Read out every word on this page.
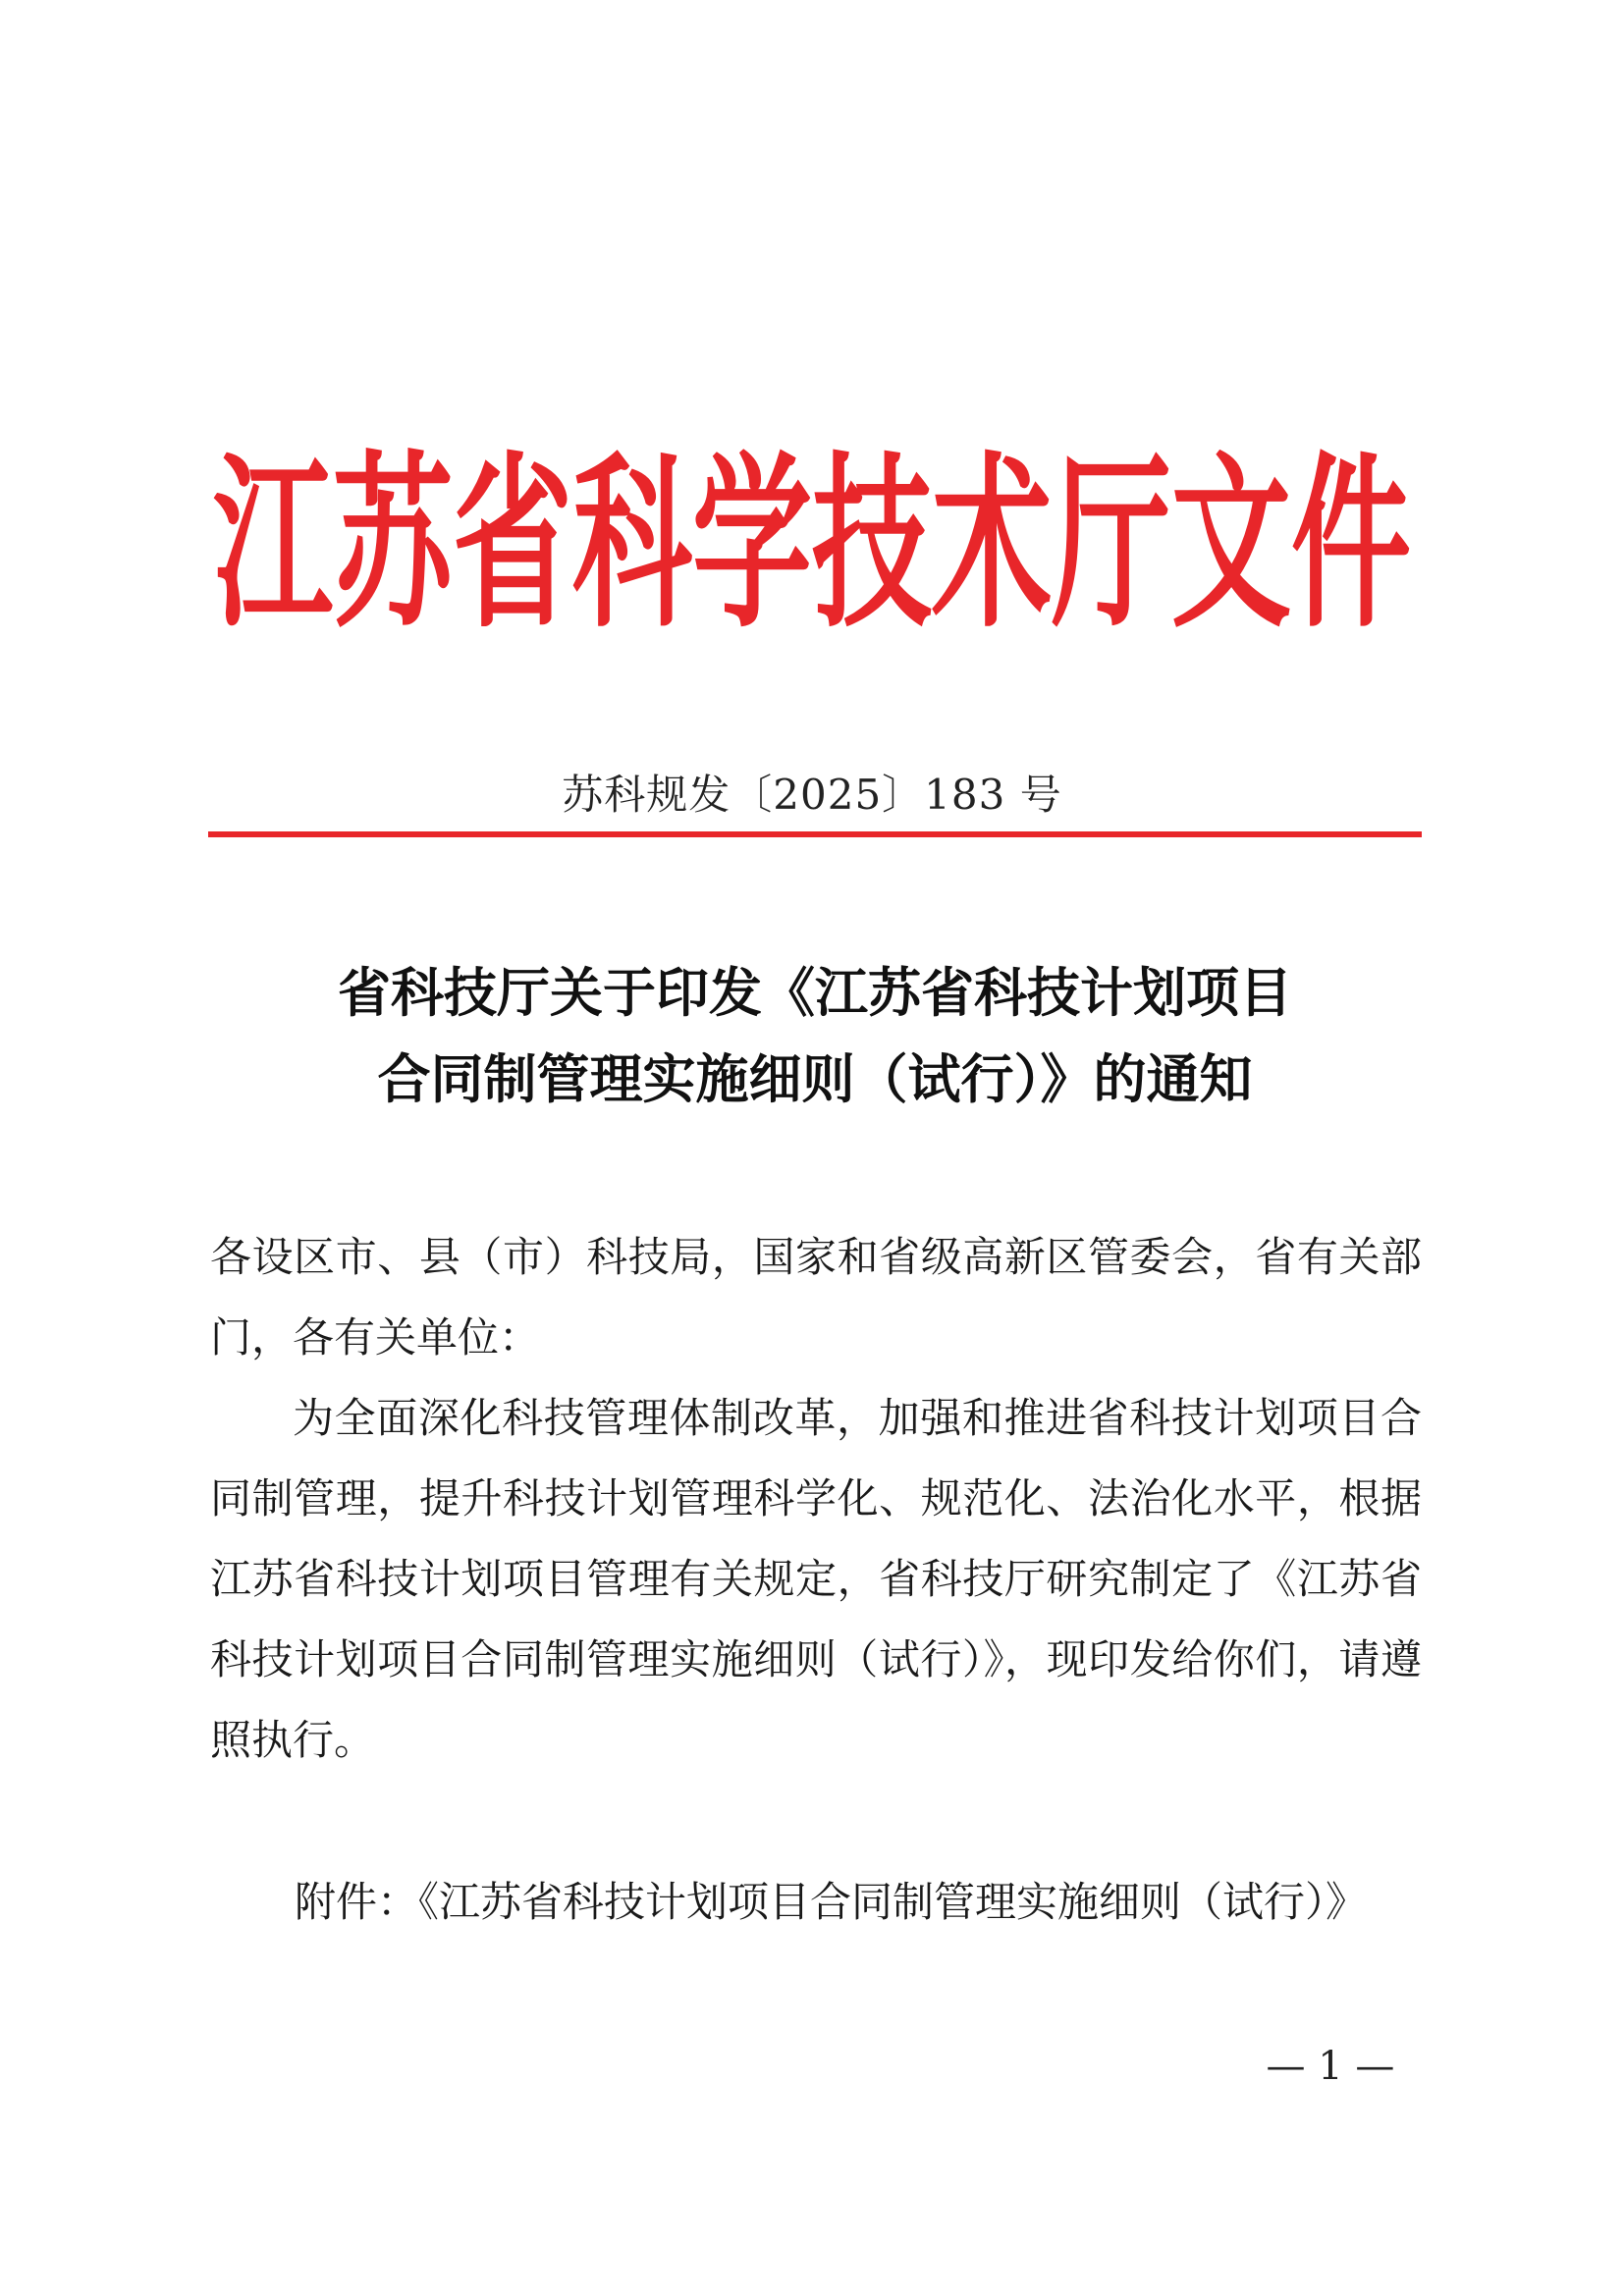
江苏省科学技术厅文件
苏科规发〔2025〕183 号
省科技厅关于印发《江苏省科技计划项目
合同制管理实施细则（试行）》的通知

各设区市、县（市）科技局，国家和省级高新区管委会，省有关部门，各有关单位：

为全面深化科技管理体制改革，加强和推进省科技计划项目合同制管理，提升科技计划管理科学化、规范化、法治化水平，根据江苏省科技计划项目管理有关规定，省科技厅研究制定了《江苏省科技计划项目合同制管理实施细则（试行）》，现印发给你们，请遵照执行。

附件：《江苏省科技计划项目合同制管理实施细则（试行）》
— 1 —
